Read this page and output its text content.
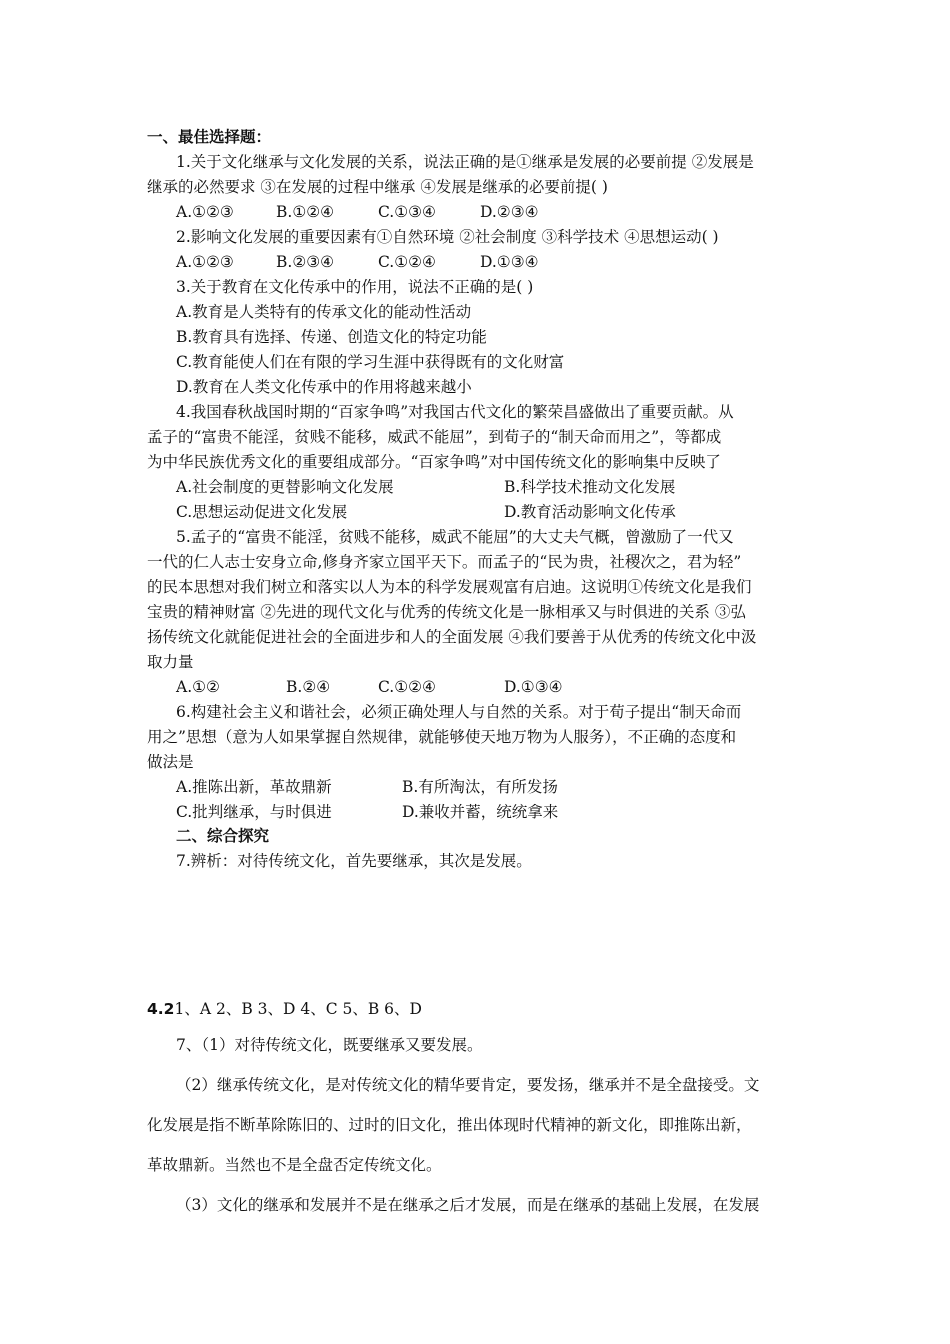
一、最佳选择题：
1.关于文化继承与文化发展的关系，说法正确的是①继承是发展的必要前提 ②发展是
继承的必然要求 ③在发展的过程中继承 ④发展是继承的必要前提( )
A.①②③	B.①②④	C.①③④	D.②③④
2.影响文化发展的重要因素有①自然环境 ②社会制度 ③科学技术 ④思想运动( )
A.①②③	B.②③④	C.①②④	D.①③④
3.关于教育在文化传承中的作用，说法不正确的是( )
A.教育是人类特有的传承文化的能动性活动
B.教育具有选择、传递、创造文化的特定功能
C.教育能使人们在有限的学习生涯中获得既有的文化财富
D.教育在人类文化传承中的作用将越来越小
4.我国春秋战国时期的“百家争鸣”对我国古代文化的繁荣昌盛做出了重要贡献。从
孟子的“富贵不能淫，贫贱不能移，威武不能屈”，到荀子的“制天命而用之”，等都成
为中华民族优秀文化的重要组成部分。“百家争鸣”对中国传统文化的影响集中反映了
A.社会制度的更替影响文化发展	B.科学技术推动文化发展
C.思想运动促进文化发展	D.教育活动影响文化传承
5.孟子的“富贵不能淫，贫贱不能移，威武不能屈”的大丈夫气概，曾激励了一代又
一代的仁人志士安身立命,修身齐家立国平天下。而孟子的“民为贵，社稷次之，君为轻”
的民本思想对我们树立和落实以人为本的科学发展观富有启迪。这说明①传统文化是我们
宝贵的精神财富 ②先进的现代文化与优秀的传统文化是一脉相承又与时俱进的关系 ③弘
扬传统文化就能促进社会的全面进步和人的全面发展 ④我们要善于从优秀的传统文化中汲
取力量
A.①②	B.②④	C.①②④	D.①③④
6.构建社会主义和谐社会，必须正确处理人与自然的关系。对于荀子提出“制天命而
用之”思想（意为人如果掌握自然规律，就能够使天地万物为人服务），不正确的态度和
做法是
A.推陈出新，革故鼎新	B.有所淘汰，有所发扬
C.批判继承，与时俱进	D.兼收并蓄，统统拿来
二、综合探究
7.辨析：对待传统文化，首先要继承，其次是发展。
4.21、A 2、B 3、D 4、C 5、B 6、D
7、（1）对待传统文化，既要继承又要发展。
（2）继承传统文化，是对传统文化的精华要肯定，要发扬，继承并不是全盘接受。文
化发展是指不断革除陈旧的、过时的旧文化，推出体现时代精神的新文化，即推陈出新，
革故鼎新。当然也不是全盘否定传统文化。
（3）文化的继承和发展并不是在继承之后才发展，而是在继承的基础上发展，在发展
